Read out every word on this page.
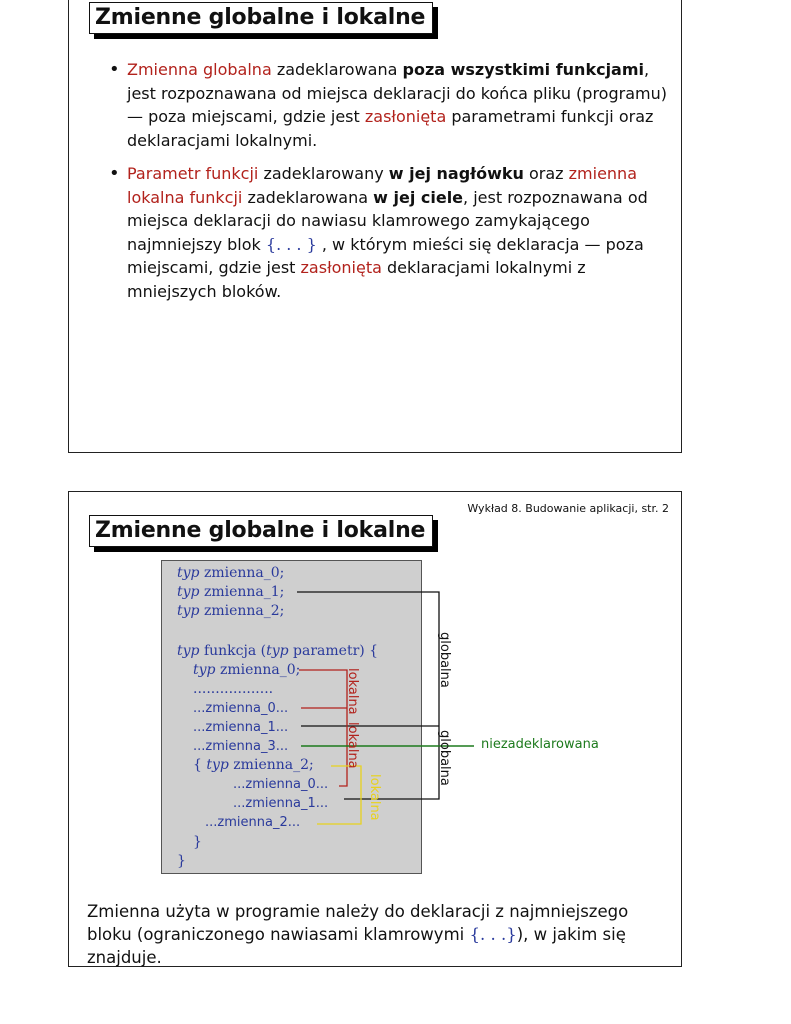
Zmienne globalne i lokalne
• Zmienna globalna zadeklarowana poza wszystkimi funkcjami, jest rozpoznawana od miejsca deklaracji do końca pliku (programu) — poza miejscami, gdzie jest zasłonięta parametrami funkcji oraz deklaracjami lokalnymi.
• Parametr funkcji zadeklarowany w jej nagłówku oraz zmienna lokalna funkcji zadeklarowana w jej ciele, jest rozpoznawana od miejsca deklaracji do nawiasu klamrowego zamykającego najmniejszy blok {. . . } , w którym mieści się deklaracja — poza miejscami, gdzie jest zasłonięta deklaracjami lokalnymi z mniejszych bloków.
Wykład 8. Budowanie aplikacji, str. 2
Zmienne globalne i lokalne
typ zmienna_0;
typ zmienna_1;
typ zmienna_2;
typ funkcja (typ parametr) {
typ zmienna_0;
..................
...zmienna_0...
...zmienna_1...
...zmienna_3...
{ typ zmienna_2;
...zmienna_0...
...zmienna_1...
...zmienna_2...
}
}
globalna
globalna
lokalna
lokalna
lokalna
niezadeklarowana
Zmienna użyta w programie należy do deklaracji z najmniejszego bloku (ograniczonego nawiasami klamrowymi {. . .}), w jakim się znajduje.
